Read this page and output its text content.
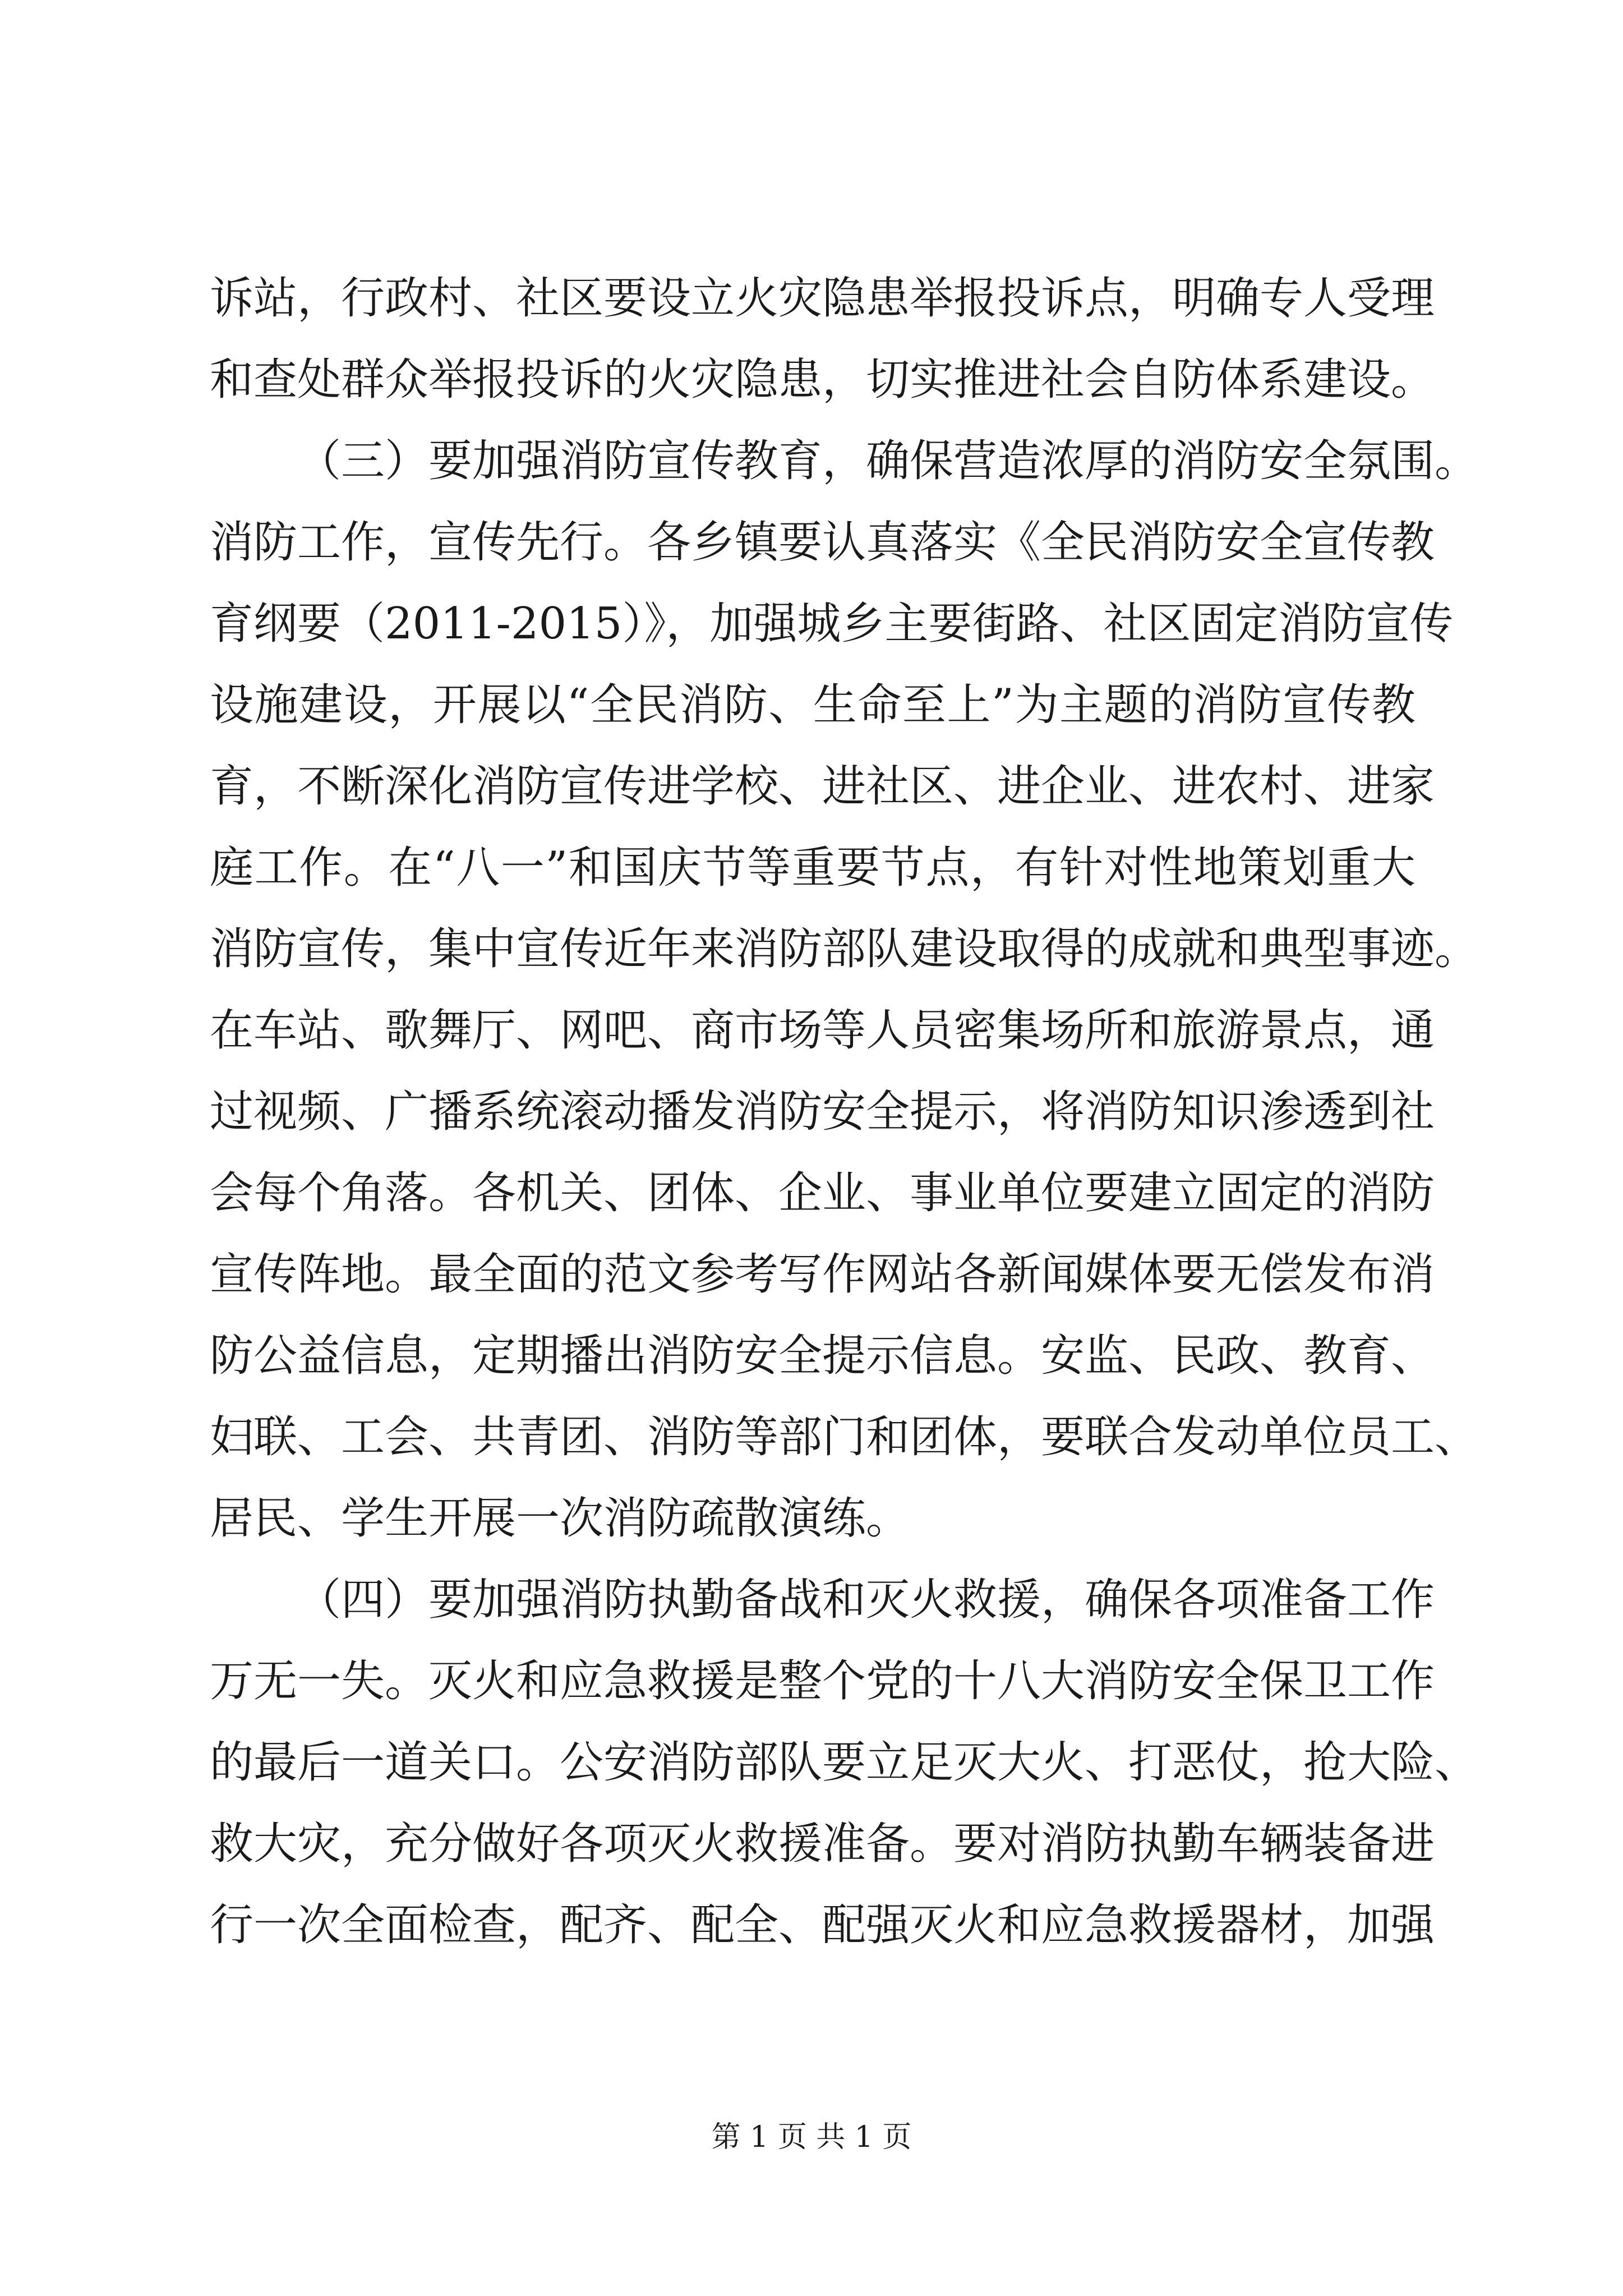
诉站，行政村、社区要设立火灾隐患举报投诉点，明确专人受理
和查处群众举报投诉的火灾隐患，切实推进社会自防体系建设。
（三）要加强消防宣传教育，确保营造浓厚的消防安全氛围。
消防工作，宣传先行。各乡镇要认真落实《全民消防安全宣传教
育纲要（2011-2015）》，加强城乡主要街路、社区固定消防宣传
设施建设，开展以“全民消防、生命至上”为主题的消防宣传教
育，不断深化消防宣传进学校、进社区、进企业、进农村、进家
庭工作。在“八一”和国庆节等重要节点，有针对性地策划重大
消防宣传，集中宣传近年来消防部队建设取得的成就和典型事迹。
在车站、歌舞厅、网吧、商市场等人员密集场所和旅游景点，通
过视频、广播系统滚动播发消防安全提示，将消防知识渗透到社
会每个角落。各机关、团体、企业、事业单位要建立固定的消防
宣传阵地。最全面的范文参考写作网站各新闻媒体要无偿发布消
防公益信息，定期播出消防安全提示信息。安监、民政、教育、
妇联、工会、共青团、消防等部门和团体，要联合发动单位员工、
居民、学生开展一次消防疏散演练。
（四）要加强消防执勤备战和灭火救援，确保各项准备工作
万无一失。灭火和应急救援是整个党的十八大消防安全保卫工作
的最后一道关口。公安消防部队要立足灭大火、打恶仗，抢大险、
救大灾，充分做好各项灭火救援准备。要对消防执勤车辆装备进
行一次全面检查，配齐、配全、配强灭火和应急救援器材，加强
第 1 页 共 1 页
